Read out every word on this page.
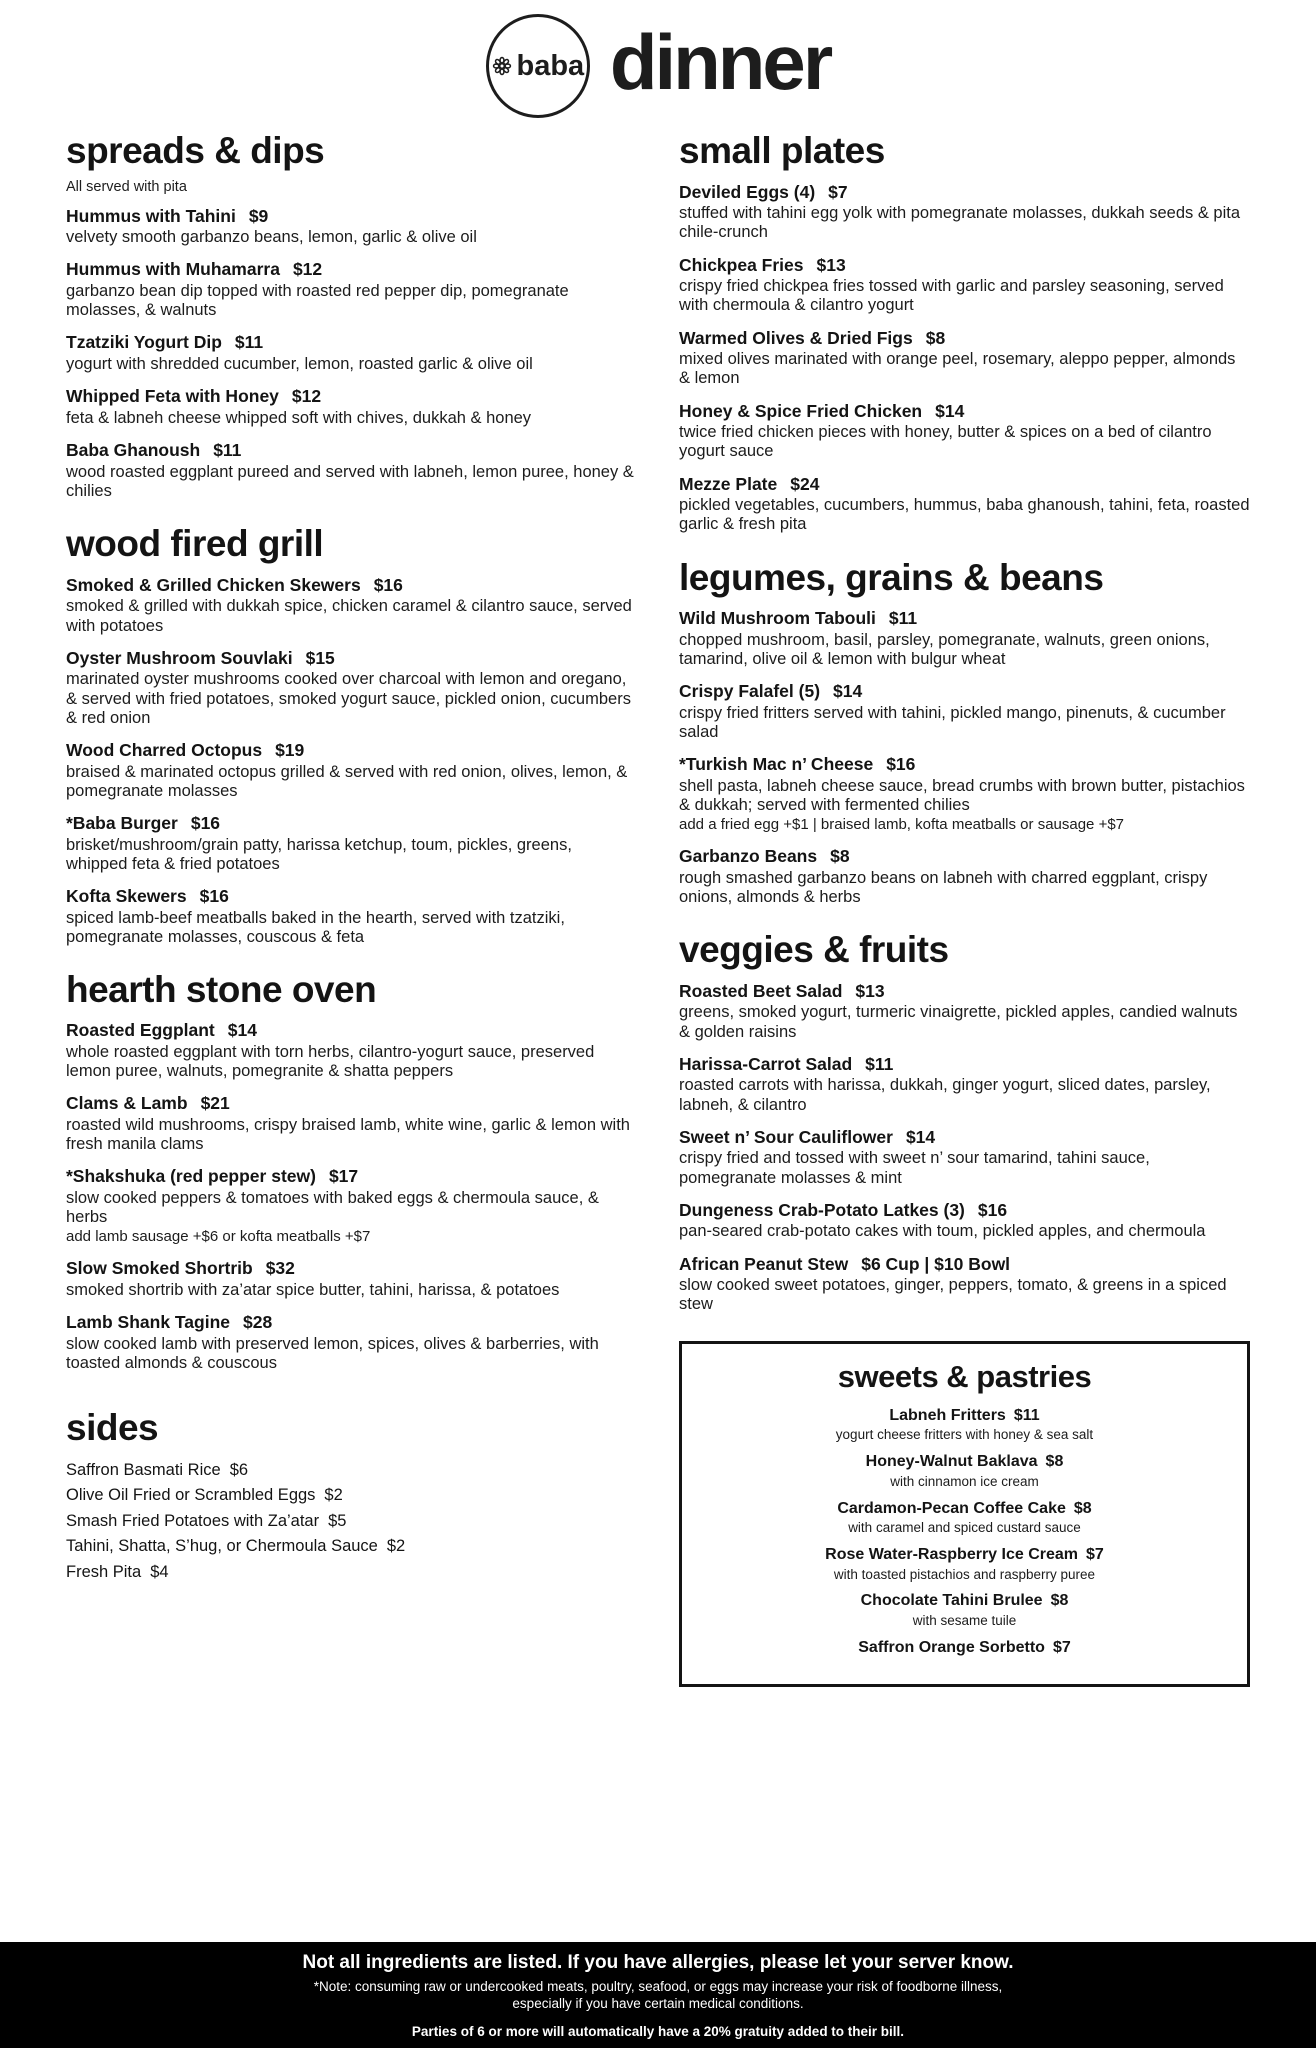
baba dinner
spreads & dips
All served with pita
Hummus with Tahini $9
velvety smooth garbanzo beans, lemon, garlic & olive oil
Hummus with Muhamarra $12
garbanzo bean dip topped with roasted red pepper dip, pomegranate molasses, & walnuts
Tzatziki Yogurt Dip $11
yogurt with shredded cucumber, lemon, roasted garlic & olive oil
Whipped Feta with Honey $12
feta & labneh cheese whipped soft with chives, dukkah & honey
Baba Ghanoush $11
wood roasted eggplant pureed and served with labneh, lemon puree, honey & chilies
wood fired grill
Smoked & Grilled Chicken Skewers $16
smoked & grilled with dukkah spice, chicken caramel & cilantro sauce, served with potatoes
Oyster Mushroom Souvlaki $15
marinated oyster mushrooms cooked over charcoal with lemon and oregano, & served with fried potatoes, smoked yogurt sauce, pickled onion, cucumbers & red onion
Wood Charred Octopus $19
braised & marinated octopus grilled & served with red onion, olives, lemon, & pomegranate molasses
*Baba Burger $16
brisket/mushroom/grain patty, harissa ketchup, toum, pickles, greens, whipped feta & fried potatoes
Kofta Skewers $16
spiced lamb-beef meatballs baked in the hearth, served with tzatziki, pomegranate molasses, couscous & feta
hearth stone oven
Roasted Eggplant $14
whole roasted eggplant with torn herbs, cilantro-yogurt sauce, preserved lemon puree, walnuts, pomegranite & shatta peppers
Clams & Lamb $21
roasted wild mushrooms, crispy braised lamb, white wine, garlic & lemon with fresh manila clams
*Shakshuka (red pepper stew) $17
slow cooked peppers & tomatoes with baked eggs & chermoula sauce, & herbs
add lamb sausage +$6 or kofta meatballs +$7
Slow Smoked Shortrib $32
smoked shortrib with za’atar spice butter, tahini, harissa, & potatoes
Lamb Shank Tagine $28
slow cooked lamb with preserved lemon, spices, olives & barberries, with toasted almonds & couscous
sides
Saffron Basmati Rice $6
Olive Oil Fried or Scrambled Eggs $2
Smash Fried Potatoes with Za’atar $5
Tahini, Shatta, S’hug, or Chermoula Sauce $2
Fresh Pita $4
small plates
Deviled Eggs (4) $7
stuffed with tahini egg yolk with pomegranate molasses, dukkah seeds & pita chile-crunch
Chickpea Fries $13
crispy fried chickpea fries tossed with garlic and parsley seasoning, served with chermoula & cilantro yogurt
Warmed Olives & Dried Figs $8
mixed olives marinated with orange peel, rosemary, aleppo pepper, almonds & lemon
Honey & Spice Fried Chicken $14
twice fried chicken pieces with honey, butter & spices on a bed of cilantro yogurt sauce
Mezze Plate $24
pickled vegetables, cucumbers, hummus, baba ghanoush, tahini, feta, roasted garlic & fresh pita
legumes, grains & beans
Wild Mushroom Tabouli $11
chopped mushroom, basil, parsley, pomegranate, walnuts, green onions, tamarind, olive oil & lemon with bulgur wheat
Crispy Falafel (5) $14
crispy fried fritters served with tahini, pickled mango, pinenuts, & cucumber salad
*Turkish Mac n’ Cheese $16
shell pasta, labneh cheese sauce, bread crumbs with brown butter, pistachios & dukkah; served with fermented chilies
add a fried egg +$1 | braised lamb, kofta meatballs or sausage +$7
Garbanzo Beans $8
rough smashed garbanzo beans on labneh with charred eggplant, crispy onions, almonds & herbs
veggies & fruits
Roasted Beet Salad $13
greens, smoked yogurt, turmeric vinaigrette, pickled apples, candied walnuts & golden raisins
Harissa-Carrot Salad $11
roasted carrots with harissa, dukkah, ginger yogurt, sliced dates, parsley, labneh, & cilantro
Sweet n’ Sour Cauliflower $14
crispy fried and tossed with sweet n’ sour tamarind, tahini sauce, pomegranate molasses & mint
Dungeness Crab-Potato Latkes (3) $16
pan-seared crab-potato cakes with toum, pickled apples, and chermoula
African Peanut Stew $6 Cup | $10 Bowl
slow cooked sweet potatoes, ginger, peppers, tomato, & greens in a spiced stew
sweets & pastries
Labneh Fritters $11
yogurt cheese fritters with honey & sea salt
Honey-Walnut Baklava $8
with cinnamon ice cream
Cardamon-Pecan Coffee Cake $8
with caramel and spiced custard sauce
Rose Water-Raspberry Ice Cream $7
with toasted pistachios and raspberry puree
Chocolate Tahini Brulee $8
with sesame tuile
Saffron Orange Sorbetto $7
Not all ingredients are listed. If you have allergies, please let your server know.
*Note: consuming raw or undercooked meats, poultry, seafood, or eggs may increase your risk of foodborne illness,
especially if you have certain medical conditions.
Parties of 6 or more will automatically have a 20% gratuity added to their bill.
